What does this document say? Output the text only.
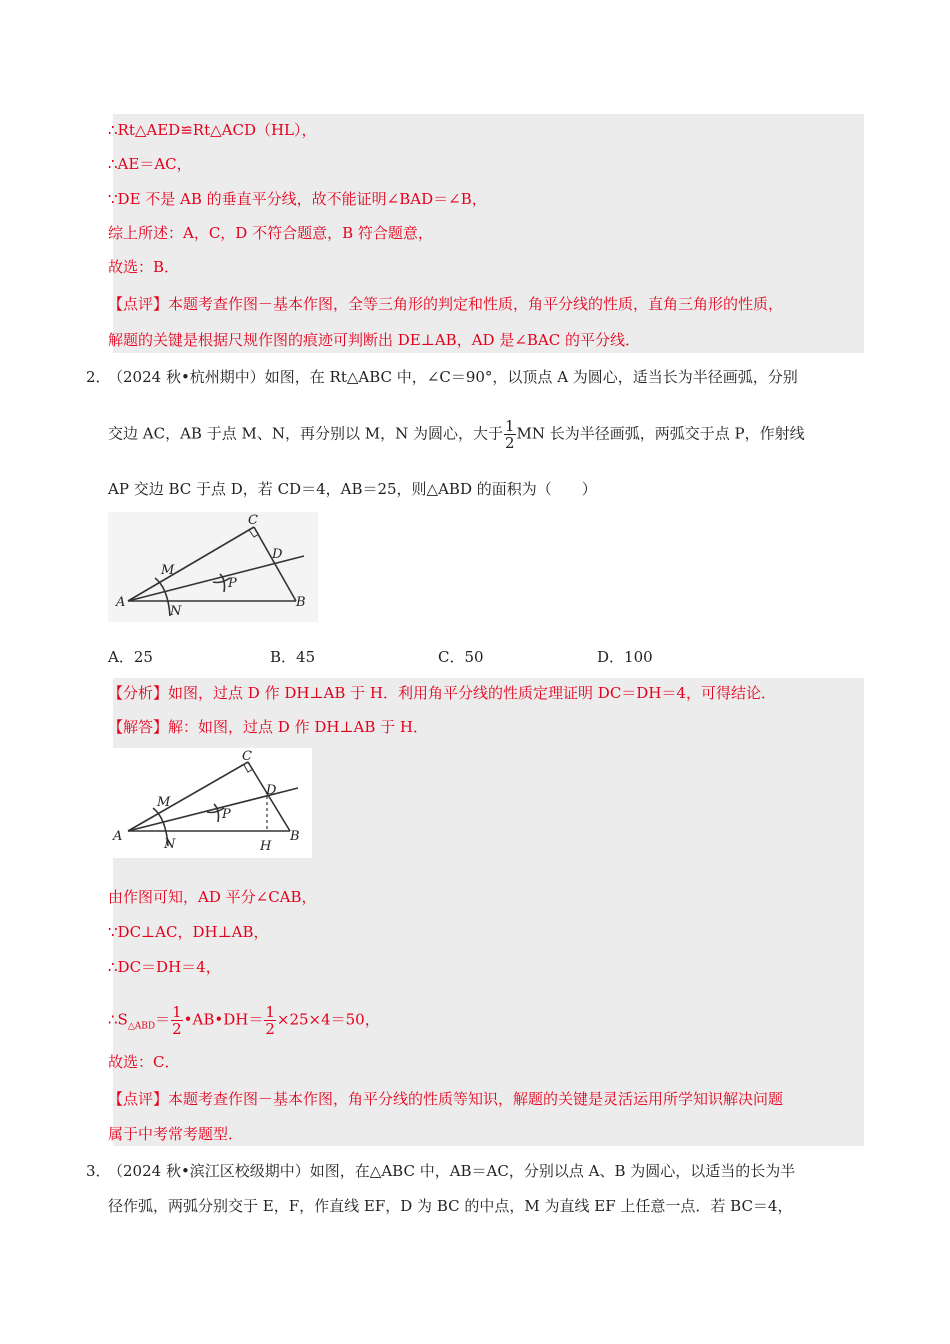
∴Rt△AED≌Rt△ACD（HL），
∴AE＝AC，
∵DE 不是 AB 的垂直平分线，故不能证明∠BAD＝∠B，
综上所述：A，C，D 不符合题意，B 符合题意，
故选：B．
【点评】本题考查作图－基本作图，全等三角形的判定和性质，角平分线的性质，直角三角形的性质，
解题的关键是根据尺规作图的痕迹可判断出 DE⊥AB，AD 是∠BAC 的平分线．
2．
（2024 秋•杭州期中）如图，在 Rt△ABC 中，∠C＝90°，以顶点 A 为圆心，适当长为半径画弧，分别
交边 AC，AB 于点 M、N，再分别以 M，N 为圆心，大于 $\frac{1}{2}$ MN 长为半径画弧，两弧交于点 P，作射线
AP 交边 BC 于点 D，若 CD＝4，AB＝25，则△ABD 的面积为（　　）
C
D
M
P
A
N
B
A．25	B．45	C．50	D．100
【分析】如图，过点 D 作 DH⊥AB 于 H．利用角平分线的性质定理证明 DC＝DH＝4，可得结论．
【解答】解：如图，过点 D 作 DH⊥AB 于 H．
C
D
M
P
A
N	H
B
由作图可知，AD 平分∠CAB，
∵DC⊥AC，DH⊥AB，
∴DC＝DH＝4，
$\therefore S_{\triangle ABD}= \frac{1}{2}$ •AB•DH＝ $\frac{1}{2} \times 25\times 4=50$，
故选：C．
【点评】本题考查作图－基本作图，角平分线的性质等知识，解题的关键是灵活运用所学知识解决问题
属于中考常考题型．
3．
（2024 秋•滨江区校级期中）如图，在△ABC 中，AB＝AC，分别以点 A、B 为圆心，以适当的长为半
径作弧，两弧分别交于 E，F，作直线 EF，D 为 BC 的中点，M 为直线 EF 上任意一点．若 BC＝4，
